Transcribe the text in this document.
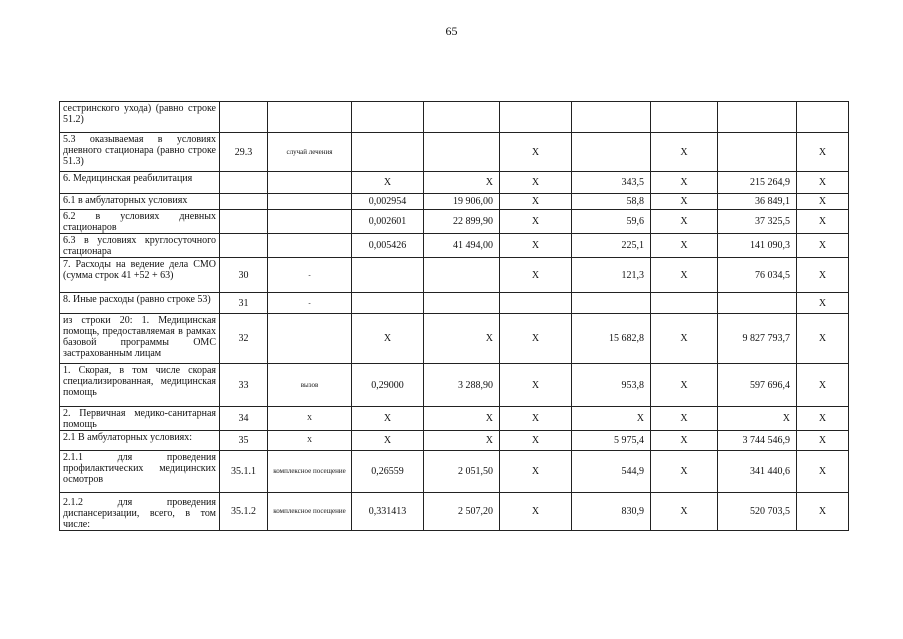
65
сестринского ухода) (равно строке 51.2)									
5.3 оказываемая в условиях дневного стационара (равно строке 51.3)	29.3	случай лечения			X		X		X
6. Медицинская реабилитация			X	X	X	343,5	X	215 264,9	X
6.1 в амбулаторных условиях			0,002954	19 906,00	X	58,8	X	36 849,1	X
6.2 в условиях дневных стационаров			0,002601	22 899,90	X	59,6	X	37 325,5	X
6.3 в условиях круглосуточного стационара			0,005426	41 494,00	X	225,1	X	141 090,3	X
7. Расходы на ведение дела СМО (сумма строк 41 +52 + 63)	30	-			X	121,3	X	76 034,5	X
8. Иные расходы (равно строке 53)	31	-							X
из строки 20: 1. Медицинская помощь, предоставляемая в рамках базовой программы ОМС застрахованным лицам	32		X	X	X	15 682,8	X	9 827 793,7	X
1. Скорая, в том числе скорая специализированная, медицинская помощь	33	вызов	0,29000	3 288,90	X	953,8	X	597 696,4	X
2. Первичная медико-санитарная помощь	34	X	X	X	X	X	X	X	X
2.1 В амбулаторных условиях:	35	X	X	X	X	5 975,4	X	3 744 546,9	X
2.1.1 для проведения профилактических медицинских осмотров	35.1.1	комплексное посещение	0,26559	2 051,50	X	544,9	X	341 440,6	X
2.1.2 для проведения диспансеризации, всего, в том числе:	35.1.2	комплексное посещение	0,331413	2 507,20	X	830,9	X	520 703,5	X
